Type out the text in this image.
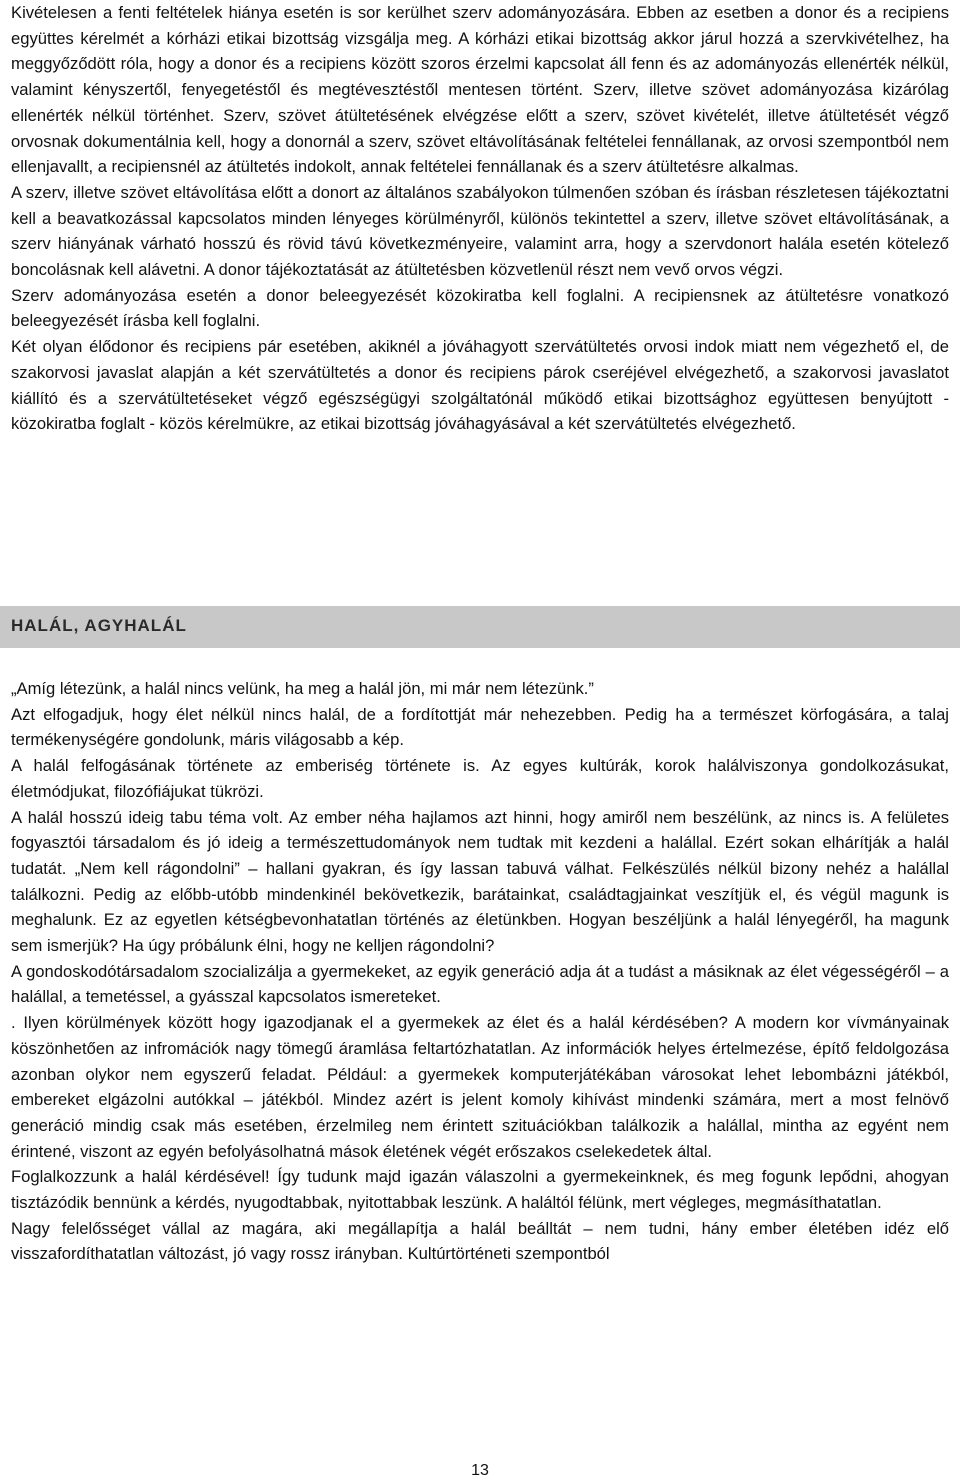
Kivételesen a fenti feltételek hiánya esetén is sor kerülhet szerv adományozására. Ebben az esetben a donor és a recipiens együttes kérelmét a kórházi etikai bizottság vizsgálja meg. A kórházi etikai bizottság akkor járul hozzá a szervkivételhez, ha meggyőződött róla, hogy a donor és a recipiens között szoros érzelmi kapcsolat áll fenn és az adományozás ellenérték nélkül, valamint kényszertől, fenyegetéstől és megtévesztéstől mentesen történt. Szerv, illetve szövet adományozása kizárólag ellenérték nélkül történhet. Szerv, szövet átültetésének elvégzése előtt a szerv, szövet kivételét, illetve átültetését végző orvosnak dokumentálnia kell, hogy a donornál a szerv, szövet eltávolításának feltételei fennállanak, az orvosi szempontból nem ellenjavallt, a recipiensnél az átültetés indokolt, annak feltételei fennállanak és a szerv átültetésre alkalmas.

A szerv, illetve szövet eltávolítása előtt a donort az általános szabályokon túlmenően szóban és írásban részletesen tájékoztatni kell a beavatkozással kapcsolatos minden lényeges körülményről, különös tekintettel a szerv, illetve szövet eltávolításának, a szerv hiányának várható hosszú és rövid távú következményeire, valamint arra, hogy a szervdonort halála esetén kötelező boncolásnak kell alávetni. A donor tájékoztatását az átültetésben közvetlenül részt nem vevő orvos végzi.

Szerv adományozása esetén a donor beleegyezését közokiratba kell foglalni. A recipiensnek az átültetésre vonatkozó beleegyezését írásba kell foglalni.

Két olyan élődonor és recipiens pár esetében, akiknél a jóváhagyott szervátültetés orvosi indok miatt nem végezhető el, de szakorvosi javaslat alapján a két szervátültetés a donor és recipiens párok cseréjével elvégezhető, a szakorvosi javaslatot kiállító és a szervátültetéseket végző egészségügyi szolgáltatónál működő etikai bizottsághoz együttesen benyújtott - közokiratba foglalt - közös kérelmükre, az etikai bizottság jóváhagyásával a két szervátültetés elvégezhető.

HALÁL, AGYHALÁL

„Amíg létezünk, a halál nincs velünk, ha meg a halál jön, mi már nem létezünk.”

Azt elfogadjuk, hogy élet nélkül nincs halál, de a fordítottját már nehezebben. Pedig ha a természet körfogására, a talaj termékenységére gondolunk, máris világosabb a kép.

A halál felfogásának története az emberiség története is. Az egyes kultúrák, korok halálviszonya gondolkozásukat, életmódjukat, filozófiájukat tükrözi.

A halál hosszú ideig tabu téma volt. Az ember néha hajlamos azt hinni, hogy amiről nem beszélünk, az nincs is. A felületes fogyasztói társadalom és jó ideig a természettudományok nem tudtak mit kezdeni a halállal. Ezért sokan elhárítják a halál tudatát. „Nem kell rágondolni” – hallani gyakran, és így lassan tabuvá válhat. Felkészülés nélkül bizony nehéz a halállal találkozni. Pedig az előbb-utóbb mindenkinél bekövetkezik, barátainkat, családtagjainkat veszítjük el, és végül magunk is meghalunk. Ez az egyetlen kétségbevonhatatlan történés az életünkben. Hogyan beszéljünk a halál lényegéről, ha magunk sem ismerjük? Ha úgy próbálunk élni, hogy ne kelljen rágondolni?

A gondoskodótársadalom szocializálja a gyermekeket, az egyik generáció adja át a tudást a másiknak az élet végességéről – a halállal, a temetéssel, a gyásszal kapcsolatos ismereteket.

. Ilyen körülmények között hogy igazodjanak el a gyermekek az élet és a halál kérdésében? A modern kor vívmányainak köszönhetően az infromációk nagy tömegű áramlása feltartózhatatlan. Az információk helyes értelmezése, építő feldolgozása azonban olykor nem egyszerű feladat. Például: a gyermekek komputerjátékában városokat lehet lebombázni játékból, embereket elgázolni autókkal – játékból. Mindez azért is jelent komoly kihívást mindenki számára, mert a most felnövő generáció mindig csak más esetében, érzelmileg nem érintett szituációkban találkozik a halállal, mintha az egyént nem érintené, viszont az egyén befolyásolhatná mások életének végét erőszakos cselekedetek által.

Foglalkozzunk a halál kérdésével! Így tudunk majd igazán válaszolni a gyermekeinknek, és meg fogunk lepődni, ahogyan tisztázódik bennünk a kérdés, nyugodtabbak, nyitottabbak leszünk. A haláltól félünk, mert végleges, megmásíthatatlan.

Nagy felelősséget vállal az magára, aki megállapítja a halál beálltát – nem tudni, hány ember életében idéz elő visszafordíthatatlan változást, jó vagy rossz irányban. Kultúrtörténeti szempontból

13
